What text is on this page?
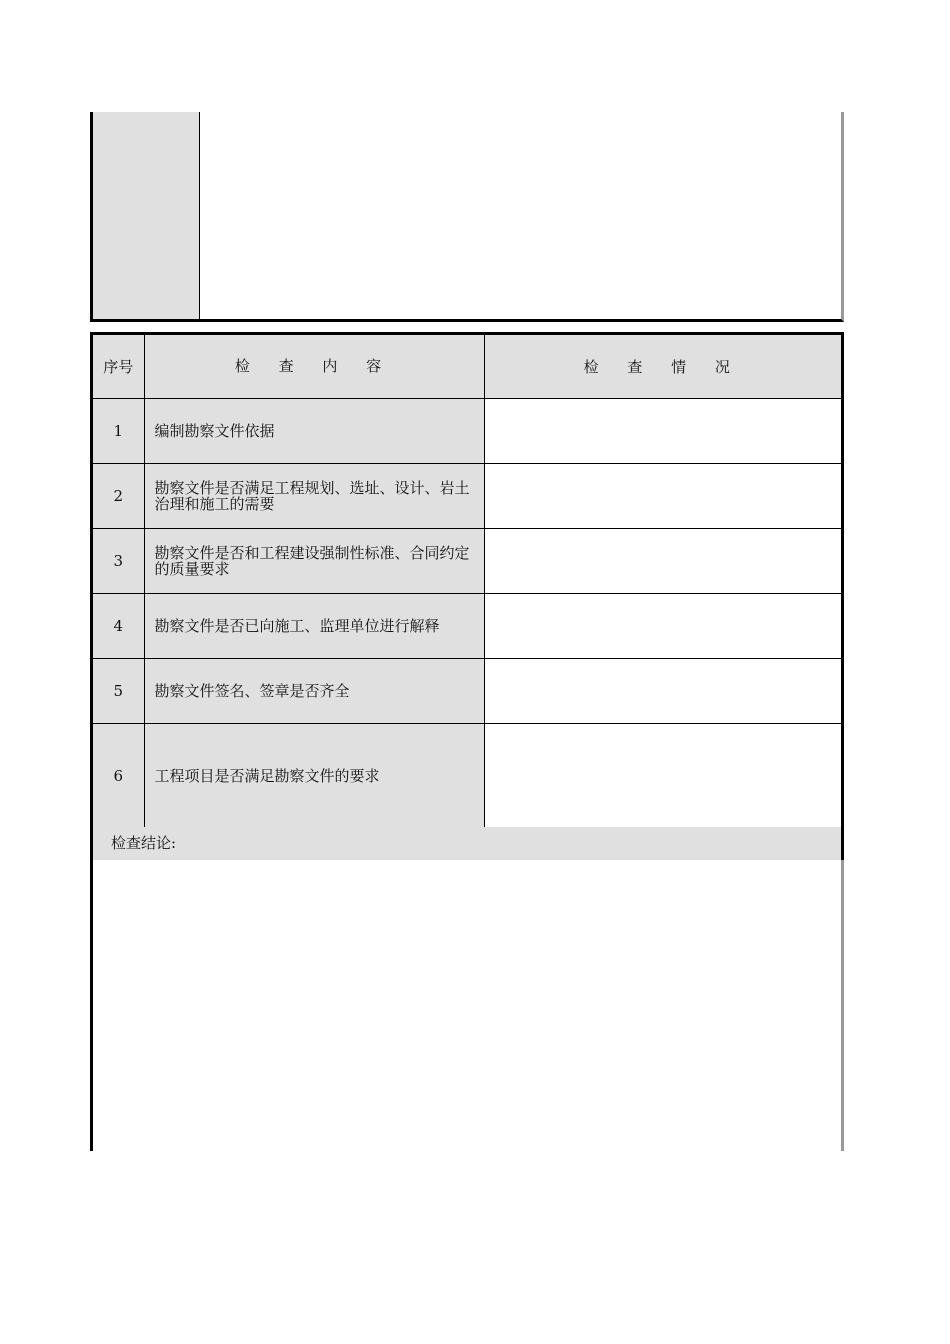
序号	检 查 内 容	检 查 情 况
1	编制勘察文件依据	
2	勘察文件是否满足工程规划、选址、设计、岩土治理和施工的需要	
3	勘察文件是否和工程建设强制性标准、合同约定的质量要求	
4	勘察文件是否已向施工、监理单位进行解释	
5	勘察文件签名、签章是否齐全	
6	工程项目是否满足勘察文件的要求	
检查结论:
